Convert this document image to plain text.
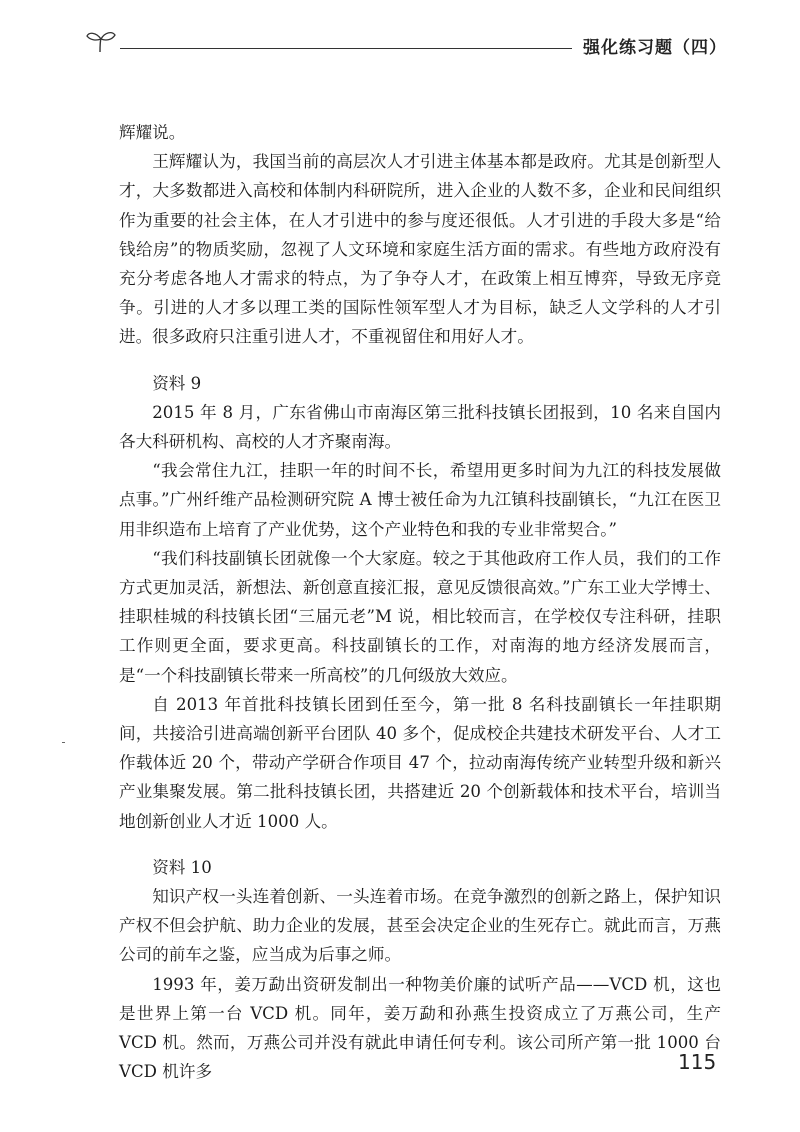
强化练习题（四）

辉耀说。

王辉耀认为，我国当前的高层次人才引进主体基本都是政府。尤其是创新型人才，大多数都进入高校和体制内科研院所，进入企业的人数不多，企业和民间组织作为重要的社会主体，在人才引进中的参与度还很低。人才引进的手段大多是“给钱给房”的物质奖励，忽视了人文环境和家庭生活方面的需求。有些地方政府没有充分考虑各地人才需求的特点，为了争夺人才，在政策上相互博弈，导致无序竞争。引进的人才多以理工类的国际性领军型人才为目标，缺乏人文学科的人才引进。很多政府只注重引进人才，不重视留住和用好人才。

资料 9

2015 年 8 月，广东省佛山市南海区第三批科技镇长团报到，10 名来自国内各大科研机构、高校的人才齐聚南海。

“我会常住九江，挂职一年的时间不长，希望用更多时间为九江的科技发展做点事。”广州纤维产品检测研究院 A 博士被任命为九江镇科技副镇长，“九江在医卫用非织造布上培育了产业优势，这个产业特色和我的专业非常契合。”

“我们科技副镇长团就像一个大家庭。较之于其他政府工作人员，我们的工作方式更加灵活，新想法、新创意直接汇报，意见反馈很高效。”广东工业大学博士、挂职桂城的科技镇长团“三届元老”M 说，相比较而言，在学校仅专注科研，挂职工作则更全面，要求更高。科技副镇长的工作，对南海的地方经济发展而言，是“一个科技副镇长带来一所高校”的几何级放大效应。

自 2013 年首批科技镇长团到任至今，第一批 8 名科技副镇长一年挂职期间，共接洽引进高端创新平台团队 40 多个，促成校企共建技术研发平台、人才工作载体近 20 个，带动产学研合作项目 47 个，拉动南海传统产业转型升级和新兴产业集聚发展。第二批科技镇长团，共搭建近 20 个创新载体和技术平台，培训当地创新创业人才近 1000 人。

资料 10

知识产权一头连着创新、一头连着市场。在竞争激烈的创新之路上，保护知识产权不但会护航、助力企业的发展，甚至会决定企业的生死存亡。就此而言，万燕公司的前车之鉴，应当成为后事之师。

1993 年，姜万勐出资研发制出一种物美价廉的试听产品——VCD 机，这也是世界上第一台 VCD 机。同年，姜万勐和孙燕生投资成立了万燕公司，生产 VCD 机。然而，万燕公司并没有就此申请任何专利。该公司所产第一批 1000 台 VCD 机许多	115
